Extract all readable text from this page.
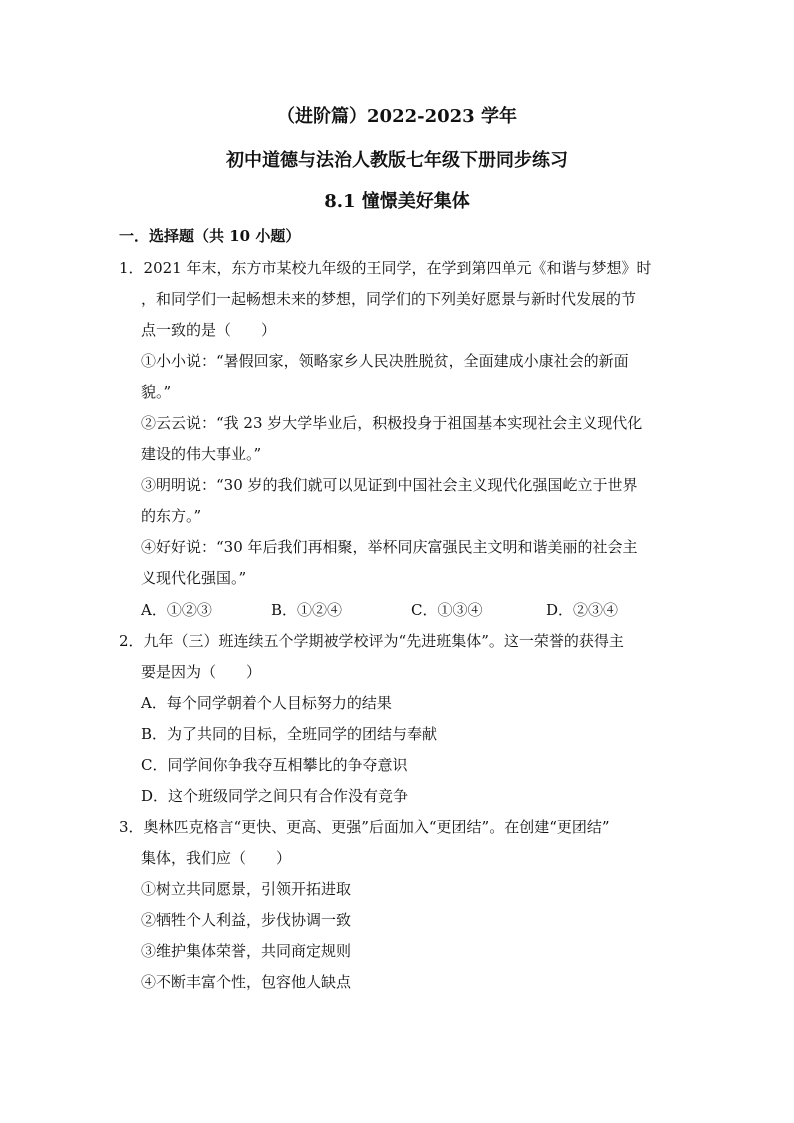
（进阶篇）2022-2023 学年
初中道德与法治人教版七年级下册同步练习
8.1 憧憬美好集体
一．选择题（共 10 小题）
1．2021 年末，东方市某校九年级的王同学，在学到第四单元《和谐与梦想》时
，和同学们一起畅想未来的梦想，同学们的下列美好愿景与新时代发展的节
点一致的是（　　）
①小小说：“暑假回家，领略家乡人民决胜脱贫，全面建成小康社会的新面
貌。”
②云云说：“我 23 岁大学毕业后，积极投身于祖国基本实现社会主义现代化
建设的伟大事业。”
③明明说：“30 岁的我们就可以见证到中国社会主义现代化强国屹立于世界
的东方。”
④好好说：“30 年后我们再相聚，举杯同庆富强民主文明和谐美丽的社会主
义现代化强国。”
A．①②③	B．①②④	C．①③④	D．②③④
2．九年（三）班连续五个学期被学校评为“先进班集体”。这一荣誉的获得主
要是因为（　　）
A．每个同学朝着个人目标努力的结果
B．为了共同的目标，全班同学的团结与奉献
C．同学间你争我夺互相攀比的争夺意识
D．这个班级同学之间只有合作没有竞争
3．奥林匹克格言“更快、更高、更强”后面加入“更团结”。在创建“更团结”
集体，我们应（　　）
①树立共同愿景，引领开拓进取
②牺牲个人利益，步伐协调一致
③维护集体荣誉，共同商定规则
④不断丰富个性，包容他人缺点
